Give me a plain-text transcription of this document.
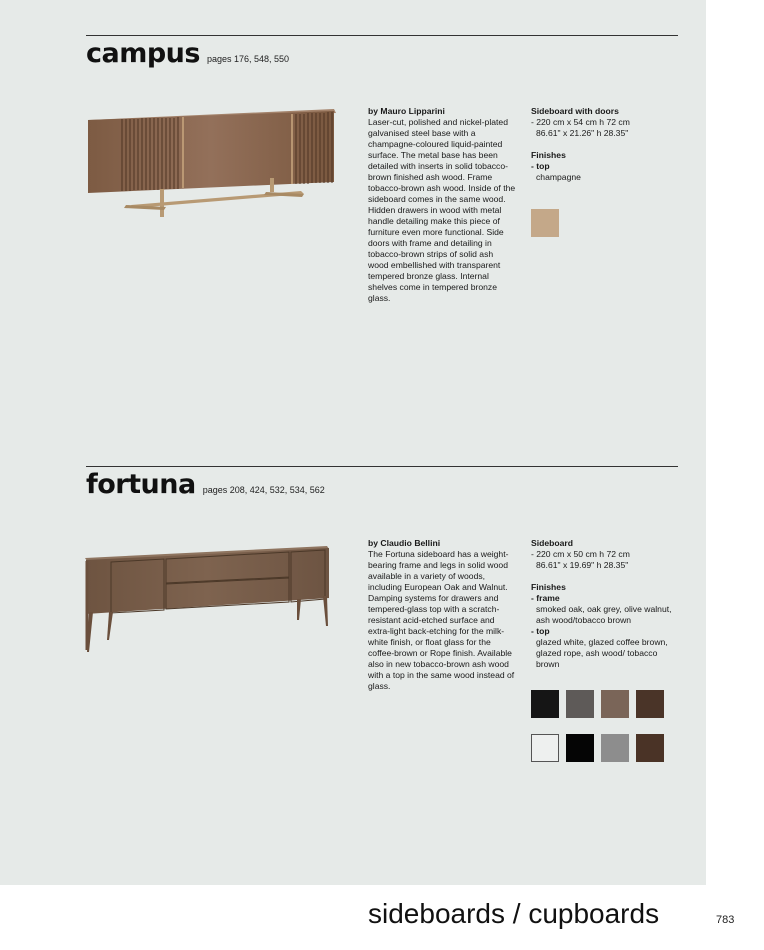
campus pages 176, 548, 550
by Mauro Lipparini
Laser-cut, polished and nickel-plated galvanised steel base with a champagne-coloured liquid-painted surface. The metal base has been detailed with inserts in solid tobacco-brown finished ash wood. Frame tobacco-brown ash wood. Inside of the sideboard comes in the same wood. Hidden drawers in wood with metal handle detailing make this piece of furniture even more functional. Side doors with frame and detailing in tobacco-brown strips of solid ash wood embellished with transparent tempered bronze glass. Internal shelves come in tempered bronze glass.
Sideboard with doors
- 220 cm x 54 cm h 72 cm
86.61" x 21.26" h 28.35"
Finishes
- top
champagne
fortuna pages 208, 424, 532, 534, 562
by Claudio Bellini
The Fortuna sideboard has a weight-bearing frame and legs in solid wood available in a variety of woods, including European Oak and Walnut. Damping systems for drawers and tempered-glass top with a scratch-resistant acid-etched surface and extra-light back-etching for the milk-white finish, or float glass for the coffee-brown or Rope finish. Available also in new tobacco-brown ash wood with a top in the same wood instead of glass.
Sideboard
- 220 cm x 50 cm h 72 cm
86.61" x 19.69" h 28.35"
Finishes
- frame
smoked oak, oak grey, olive walnut, ash wood/tobacco brown
- top
glazed white, glazed coffee brown, glazed rope, ash wood/ tobacco brown
sideboards / cupboards	783
